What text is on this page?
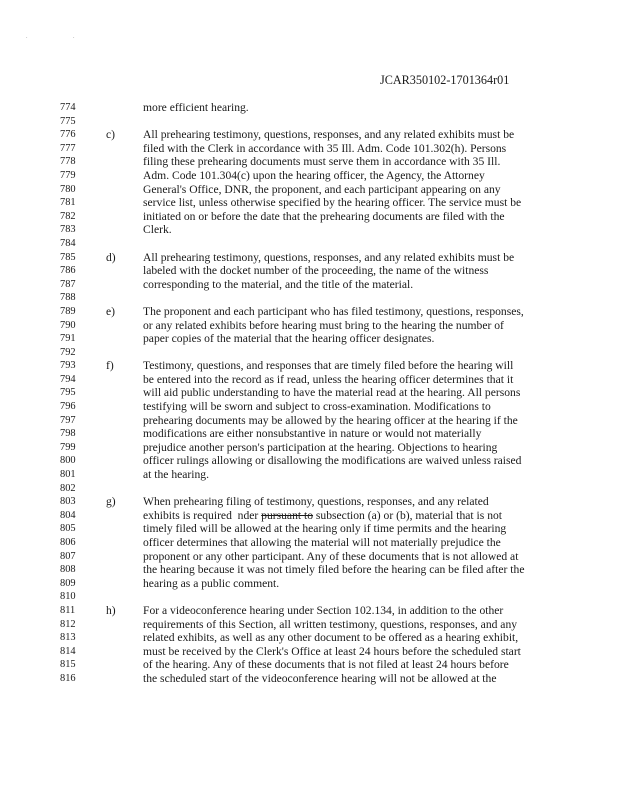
. .
JCAR350102-1701364r01
774	more efficient hearing.
775
776	c) All prehearing testimony, questions, responses, and any related exhibits must be
777	filed with the Clerk in accordance with 35 Ill. Adm. Code 101.302(h). Persons
778	filing these prehearing documents must serve them in accordance with 35 Ill.
779	Adm. Code 101.304(c) upon the hearing officer, the Agency, the Attorney
780	General's Office, DNR, the proponent, and each participant appearing on any
781	service list, unless otherwise specified by the hearing officer. The service must be
782	initiated on or before the date that the prehearing documents are filed with the
783	Clerk.
784
785	d) All prehearing testimony, questions, responses, and any related exhibits must be
786	labeled with the docket number of the proceeding, the name of the witness
787	corresponding to the material, and the title of the material.
788
789	e) The proponent and each participant who has filed testimony, questions, responses,
790	or any related exhibits before hearing must bring to the hearing the number of
791	paper copies of the material that the hearing officer designates.
792
793	f)	Testimony, questions, and responses that are timely filed before the hearing will
794	be entered into the record as if read, unless the hearing officer determines that it
795	will aid public understanding to have the material read at the hearing. All persons
796	testifying will be sworn and subject to cross-examination. Modifications to
797	prehearing documents may be allowed by the hearing officer at the hearing if the
798	modifications are either nonsubstantive in nature or would not materially
799	prejudice another person's participation at the hearing. Objections to hearing
800	officer rulings allowing or disallowing the modifications are waived unless raised
801	at the hearing.
802
803	g) When prehearing filing of testimony, questions, responses, and any related
804	exhibits is required  nder pursuant to subsection (a) or (b), material that is not
805	timely filed will be allowed at the hearing only if time permits and the hearing
806	officer determines that allowing the material will not materially prejudice the
807	proponent or any other participant. Any of these documents that is not allowed at
808	the hearing because it was not timely filed before the hearing can be filed after the
809	hearing as a public comment.
810
811	h) For a videoconference hearing under Section 102.134, in addition to the other
812	requirements of this Section, all written testimony, questions, responses, and any
813	related exhibits, as well as any other document to be offered as a hearing exhibit,
814	must be received by the Clerk's Office at least 24 hours before the scheduled start
815	of the hearing. Any of these documents that is not filed at least 24 hours before
816	the scheduled start of the videoconference hearing will not be allowed at the
